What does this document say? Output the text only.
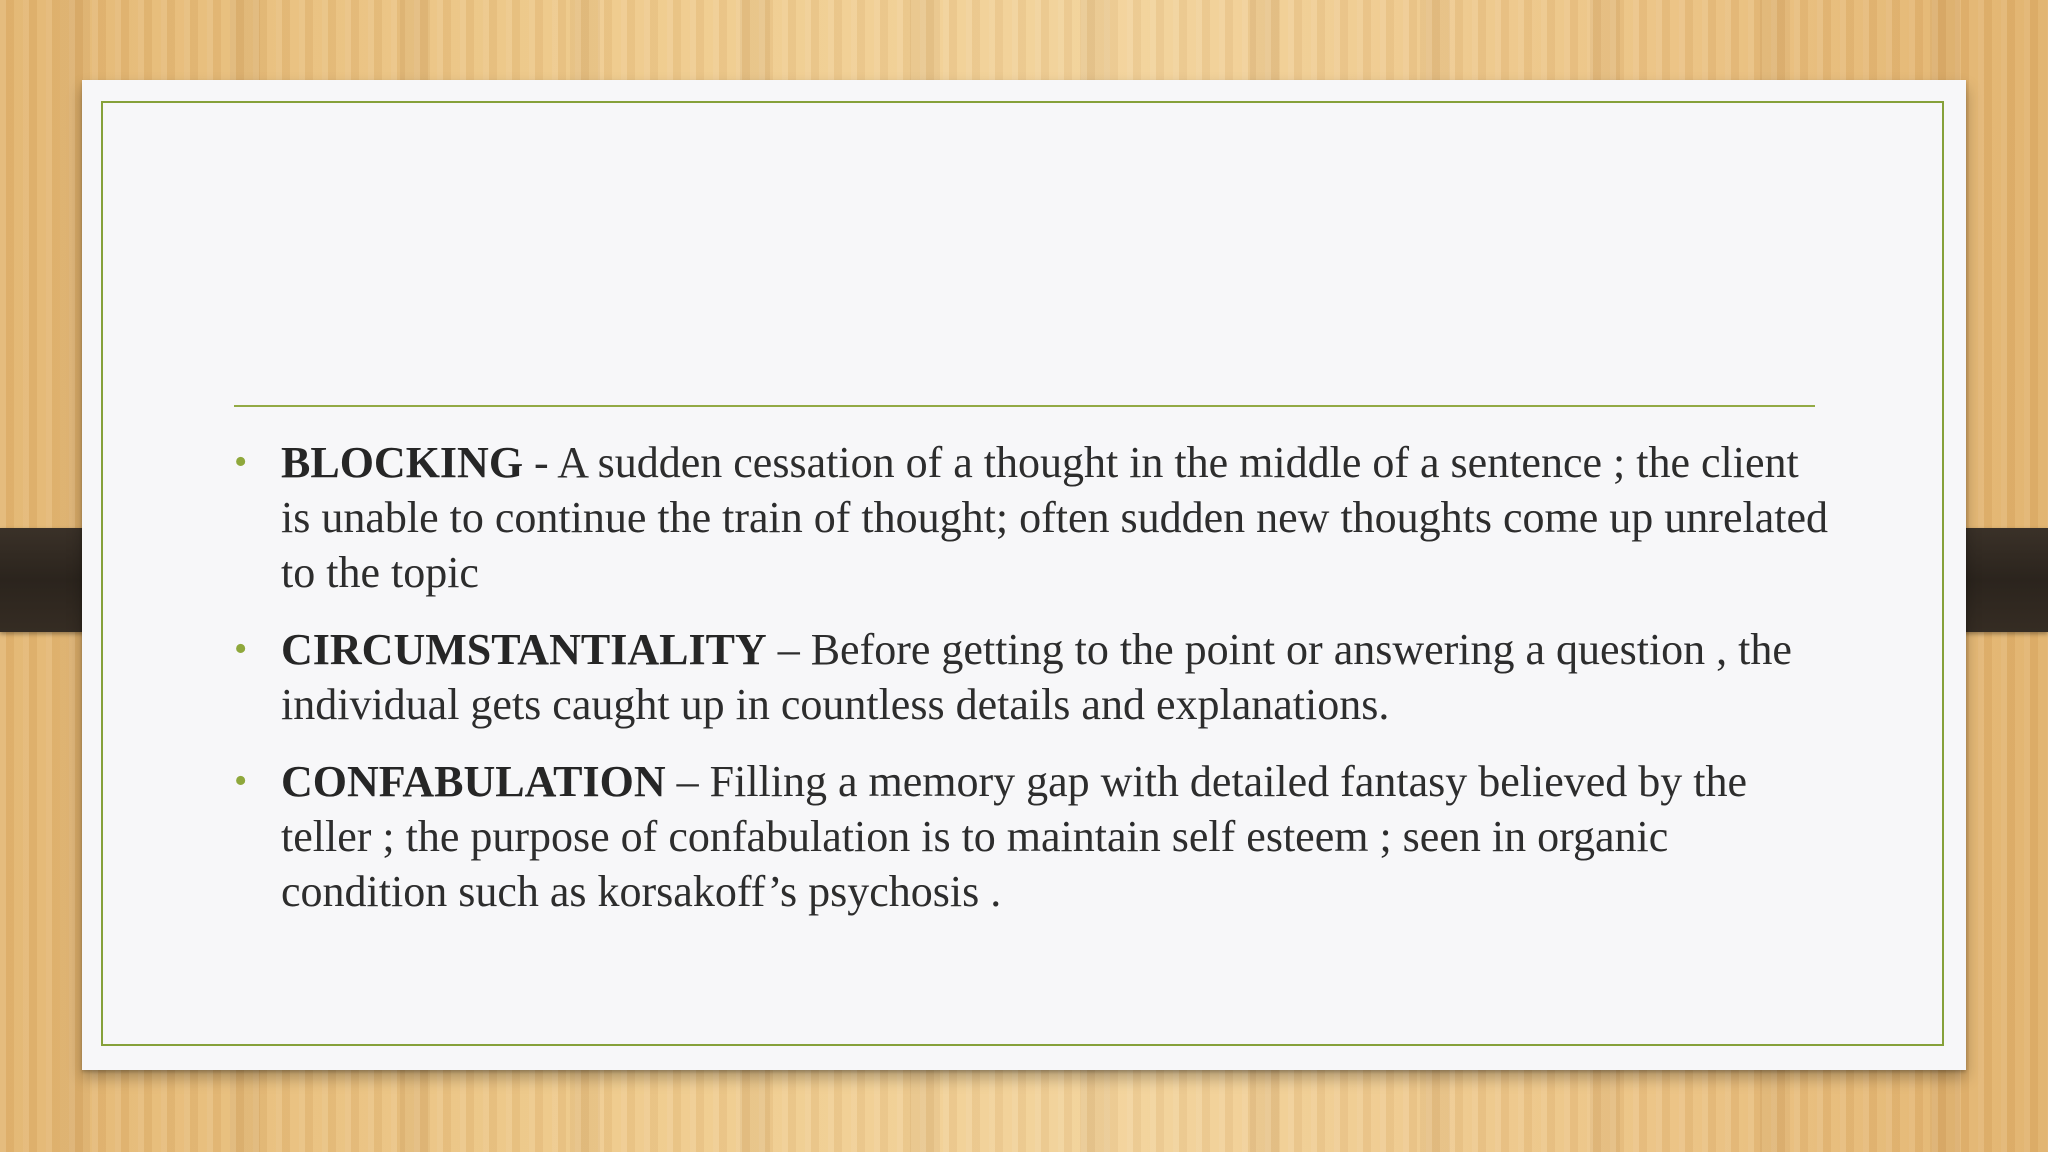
• BLOCKING - A sudden cessation of a thought in the middle of a sentence ; the client is unable to continue the train of thought; often sudden new thoughts come up unrelated to the topic
• CIRCUMSTANTIALITY – Before getting to the point or answering a question , the individual gets caught up in countless details and explanations.
• CONFABULATION – Filling a memory gap with detailed fantasy believed by the teller ; the purpose of confabulation is to maintain self esteem ; seen in organic condition such as korsakoff’s psychosis .
